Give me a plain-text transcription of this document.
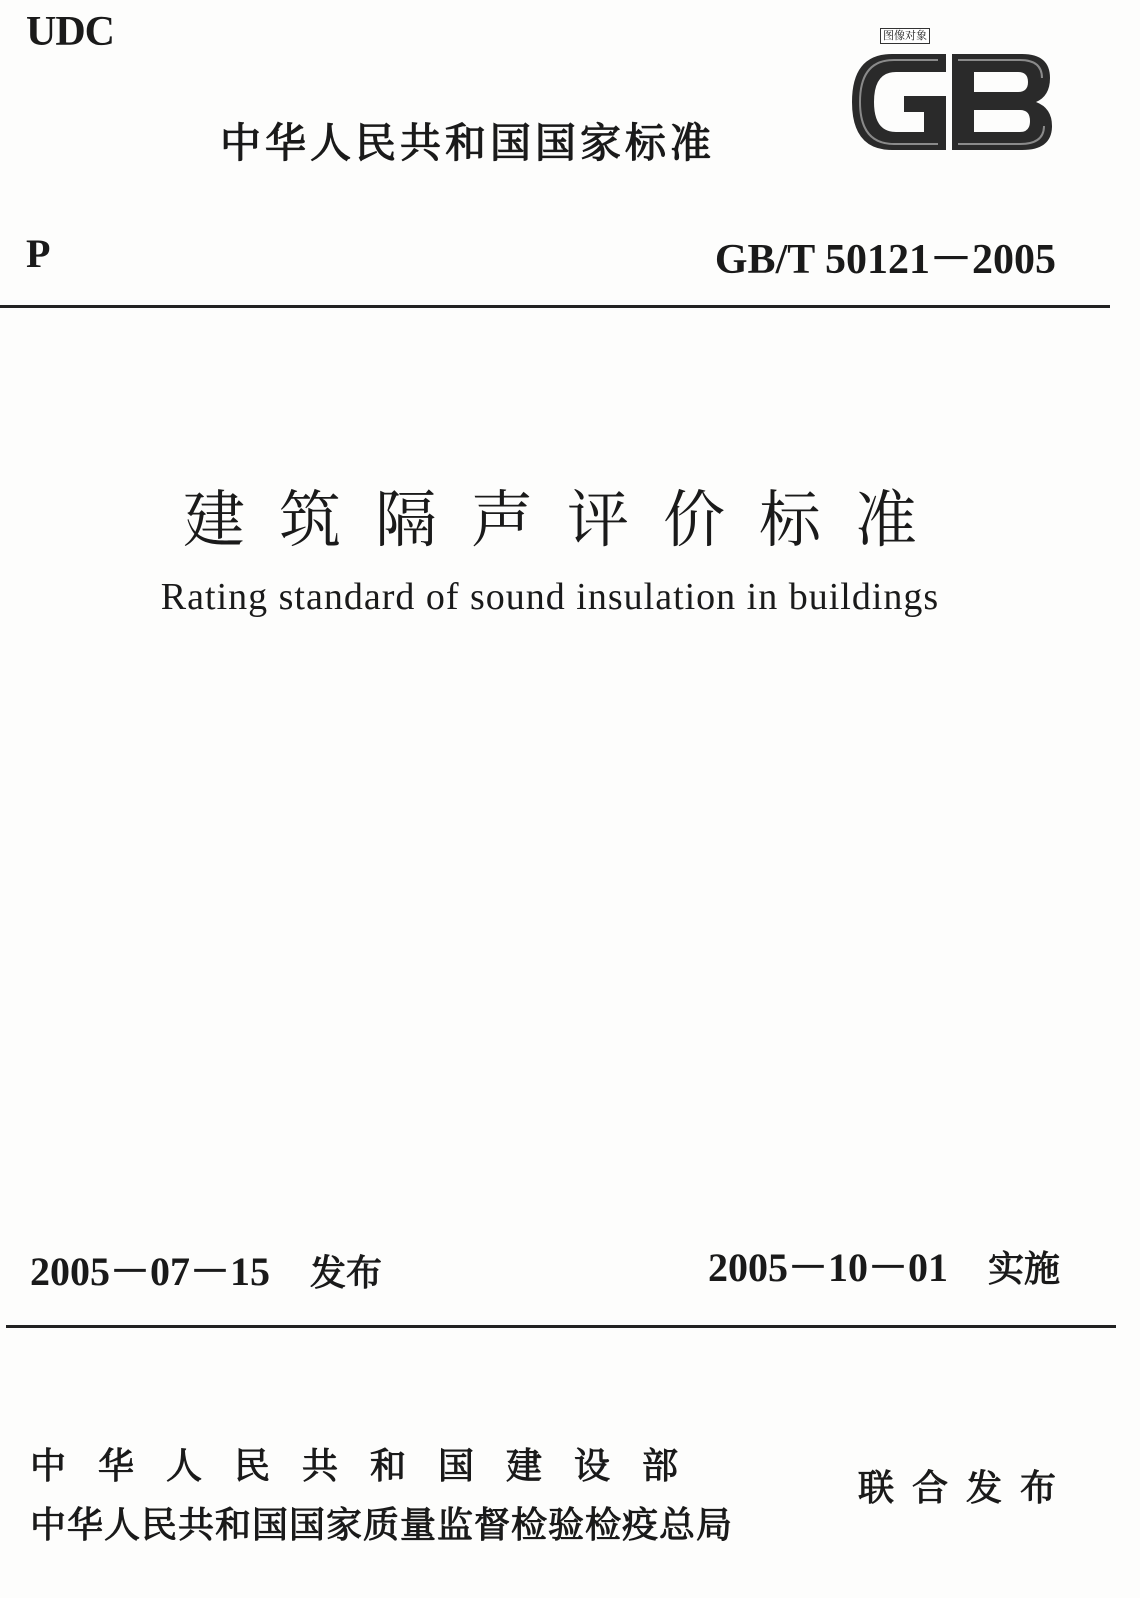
UDC
中华人民共和国国家标准
图像对象
P	GB/T 50121－2005
建筑隔声评价标准
Rating standard of sound insulation in buildings
2005－07－15 发布	2005－10－01 实施
中华人民共和国建设部
中华人民共和国国家质量监督检验检疫总局
联合发布
